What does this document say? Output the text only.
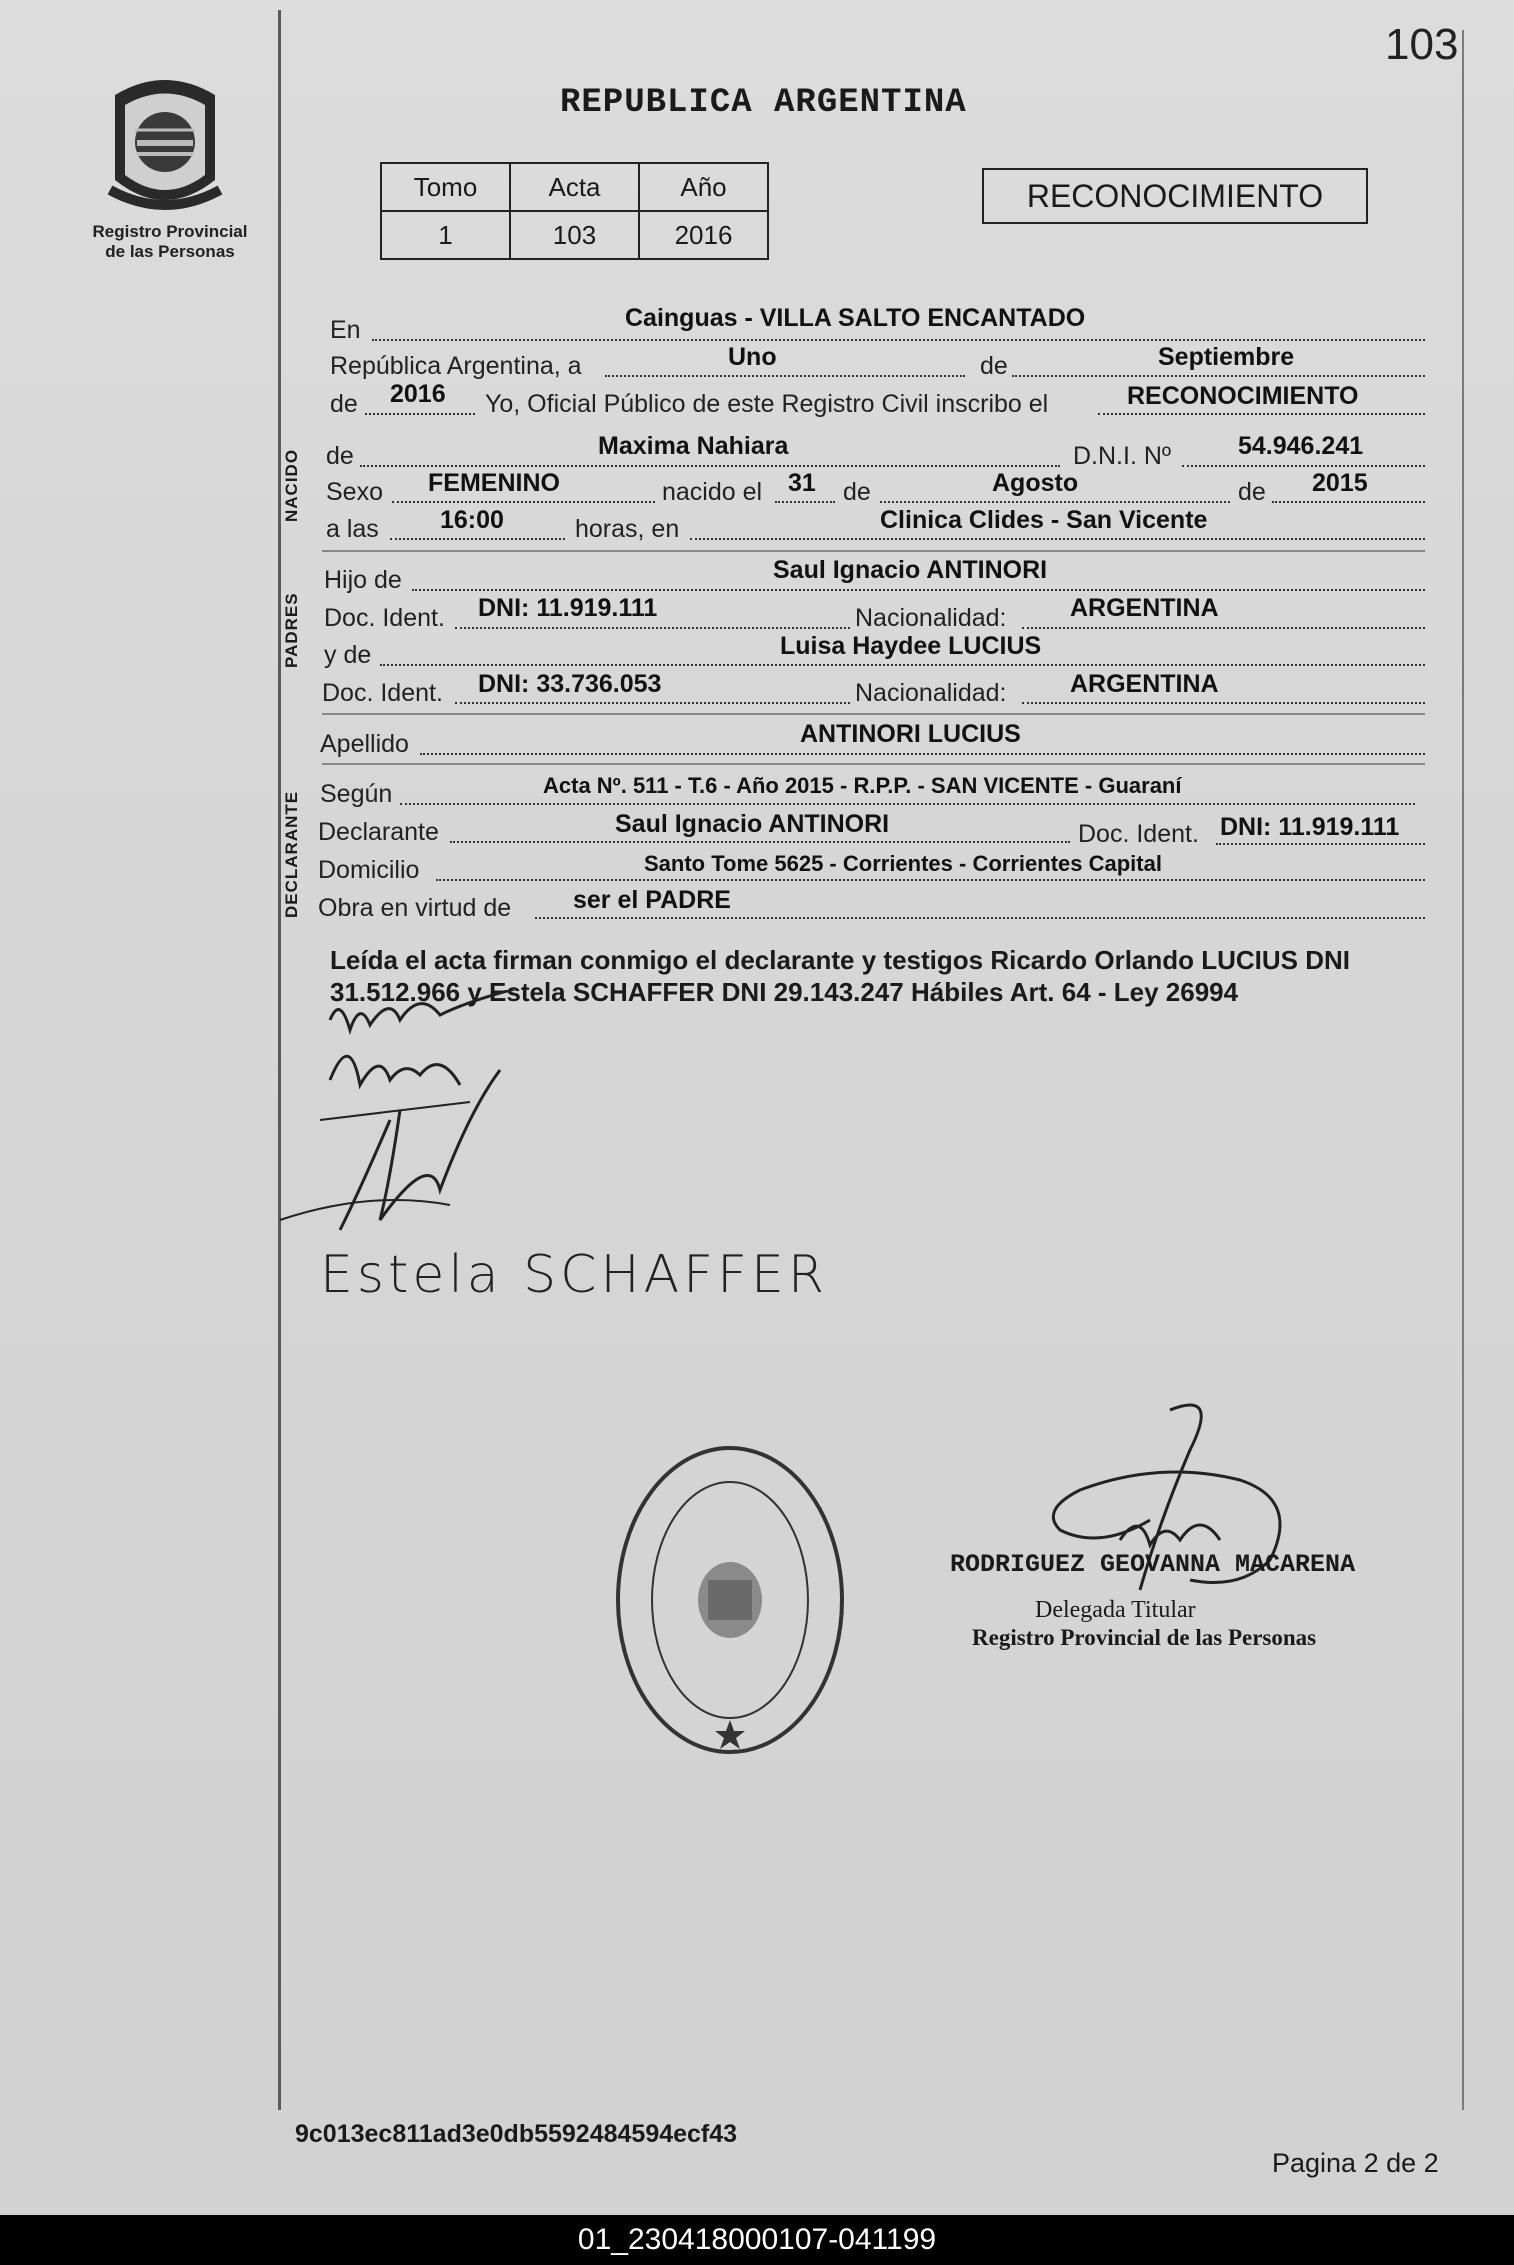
103
Registro Provincial
de las Personas
REPUBLICA ARGENTINA
Tomo	Acta	Año
1	103	2016
RECONOCIMIENTO
En	Cainguas - VILLA SALTO ENCANTADO
República Argentina, a	Uno	de	Septiembre
de 2016 Yo, Oficial Público de este Registro Civil inscribo el	RECONOCIMIENTO
NACIDO de	Maxima Nahiara	D.N.I. Nº	54.946.241
Sexo FEMENINO	nacido el 31 de	Agosto	de 2015
a las 16:00	horas, en	Clinica Clides - San Vicente
PADRES
Hijo de	Saul Ignacio ANTINORI
Doc. Ident. DNI: 11.919.111	Nacionalidad:	ARGENTINA
y de	Luisa Haydee LUCIUS
Doc. Ident. DNI: 33.736.053	Nacionalidad:	ARGENTINA
Apellido	ANTINORI LUCIUS
DECLARANTE Según	Acta Nº. 511 - T.6 - Año 2015 - R.P.P. - SAN VICENTE - Guaraní
Declarante	Saul Ignacio ANTINORI	Doc. Ident. DNI: 11.919.111
Domicilio	Santo Tome 5625 - Corrientes - Corrientes Capital
Obra en virtud de ser el PADRE
Leída el acta firman conmigo el declarante y testigos Ricardo Orlando LUCIUS DNI 31.512.966 y Estela SCHAFFER DNI 29.143.247 Hábiles Art. 64 - Ley 26994
Estela SCHAFFER
RODRIGUEZ GEOVANNA MACARENA
Delegada Titular
Registro Provincial de las Personas
9c013ec811ad3e0db5592484594ecf43
Pagina 2 de 2
01_230418000107-041199
